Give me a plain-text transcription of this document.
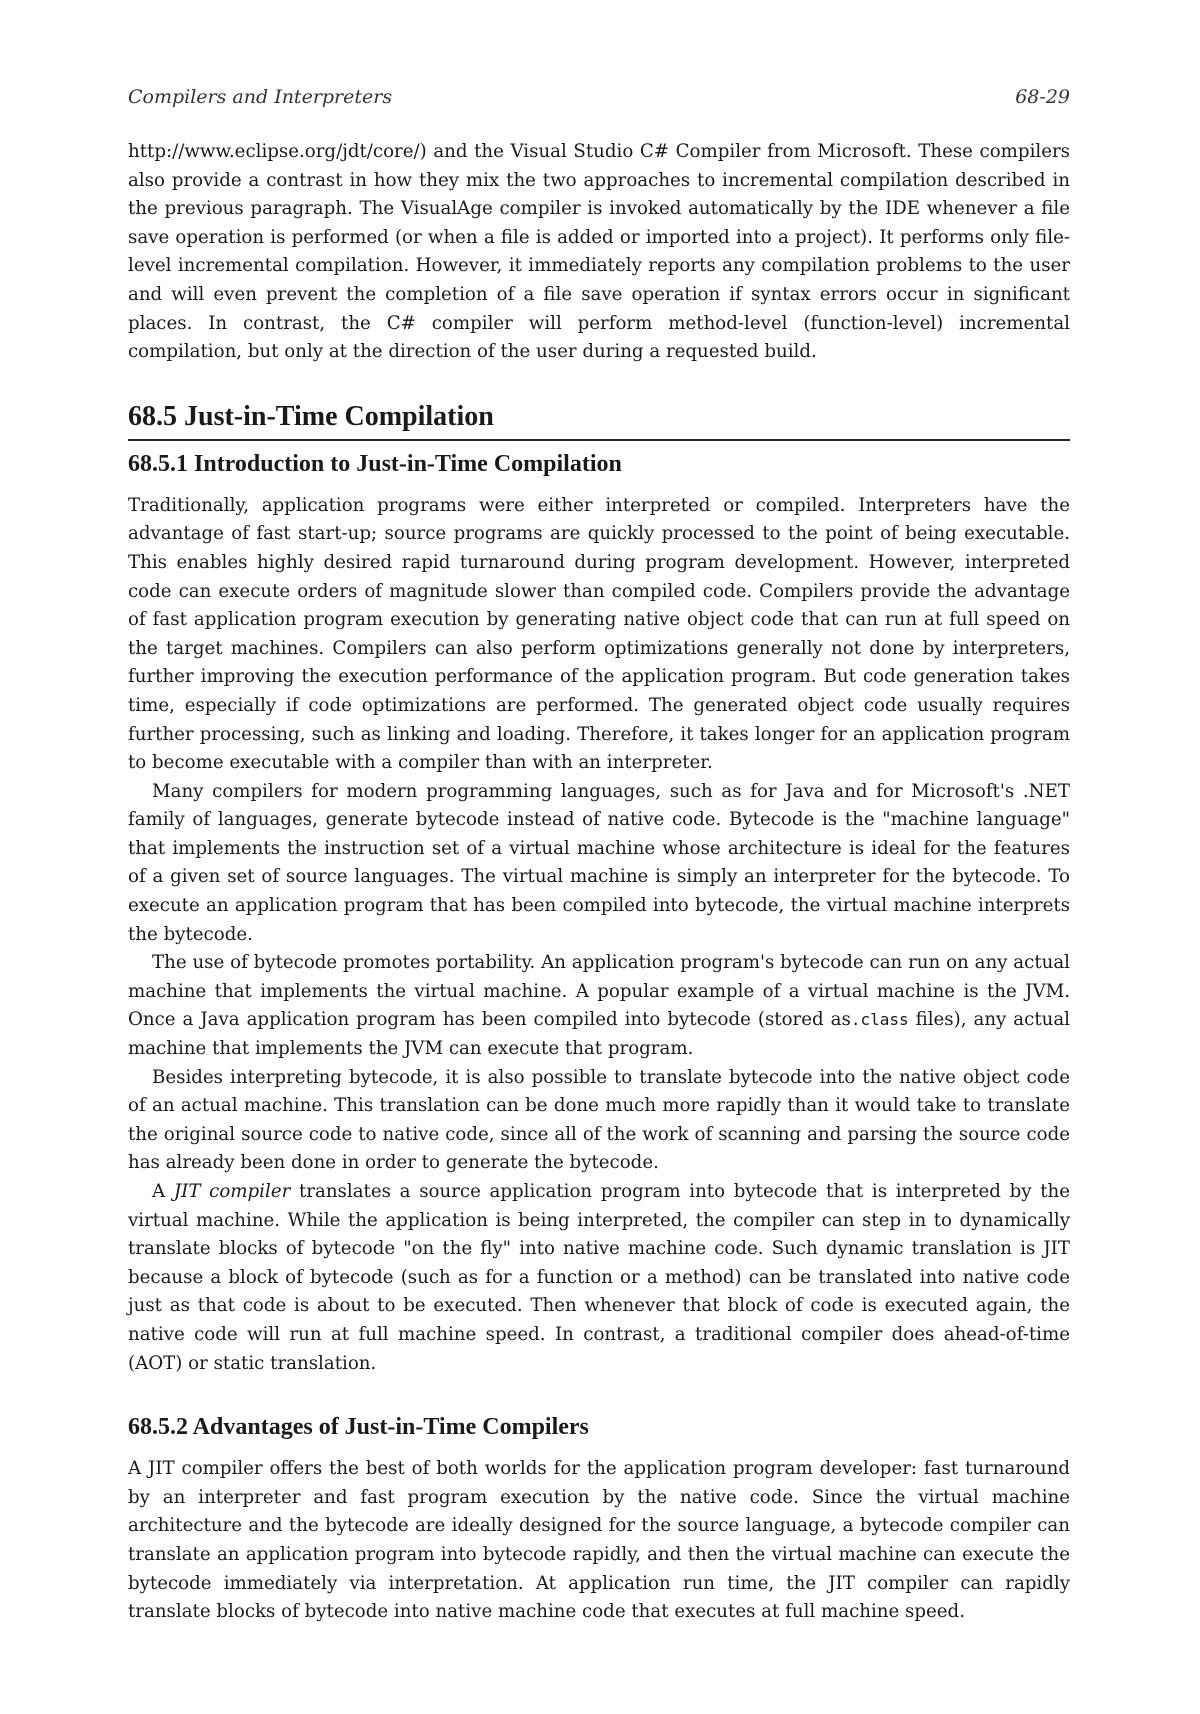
Compilers and Interpreters	68-29

http://www.eclipse.org/jdt/core/) and the Visual Studio C# Compiler from Microsoft. These compilers also provide a contrast in how they mix the two approaches to incremental compilation described in the previous paragraph. The VisualAge compiler is invoked automatically by the IDE whenever a file save operation is performed (or when a file is added or imported into a project). It performs only file-level incremental compilation. However, it immediately reports any compilation problems to the user and will even prevent the completion of a file save operation if syntax errors occur in significant places. In contrast, the C# compiler will perform method-level (function-level) incremental compilation, but only at the direction of the user during a requested build.

68.5 Just-in-Time Compilation
68.5.1 Introduction to Just-in-Time Compilation

Traditionally, application programs were either interpreted or compiled. Interpreters have the advantage of fast start-up; source programs are quickly processed to the point of being executable. This enables highly desired rapid turnaround during program development. However, interpreted code can execute orders of magnitude slower than compiled code. Compilers provide the advantage of fast application program execution by generating native object code that can run at full speed on the target machines. Compilers can also perform optimizations generally not done by interpreters, further improving the execution performance of the application program. But code generation takes time, especially if code optimizations are performed. The generated object code usually requires further processing, such as linking and loading. Therefore, it takes longer for an application program to become executable with a compiler than with an interpreter.

Many compilers for modern programming languages, such as for Java and for Microsoft's .NET family of languages, generate bytecode instead of native code. Bytecode is the "machine language" that implements the instruction set of a virtual machine whose architecture is ideal for the features of a given set of source languages. The virtual machine is simply an interpreter for the bytecode. To execute an application program that has been compiled into bytecode, the virtual machine interprets the bytecode.

The use of bytecode promotes portability. An application program's bytecode can run on any actual machine that implements the virtual machine. A popular example of a virtual machine is the JVM. Once a Java application program has been compiled into bytecode (stored as.class files), any actual machine that implements the JVM can execute that program.

Besides interpreting bytecode, it is also possible to translate bytecode into the native object code of an actual machine. This translation can be done much more rapidly than it would take to translate the original source code to native code, since all of the work of scanning and parsing the source code has already been done in order to generate the bytecode.

A JIT compiler translates a source application program into bytecode that is interpreted by the virtual machine. While the application is being interpreted, the compiler can step in to dynamically translate blocks of bytecode "on the fly" into native machine code. Such dynamic translation is JIT because a block of bytecode (such as for a function or a method) can be translated into native code just as that code is about to be executed. Then whenever that block of code is executed again, the native code will run at full machine speed. In contrast, a traditional compiler does ahead-of-time (AOT) or static translation.

68.5.2 Advantages of Just-in-Time Compilers

A JIT compiler offers the best of both worlds for the application program developer: fast turnaround by an interpreter and fast program execution by the native code. Since the virtual machine architecture and the bytecode are ideally designed for the source language, a bytecode compiler can translate an application program into bytecode rapidly, and then the virtual machine can execute the bytecode immediately via interpretation. At application run time, the JIT compiler can rapidly translate blocks of bytecode into native machine code that executes at full machine speed.
